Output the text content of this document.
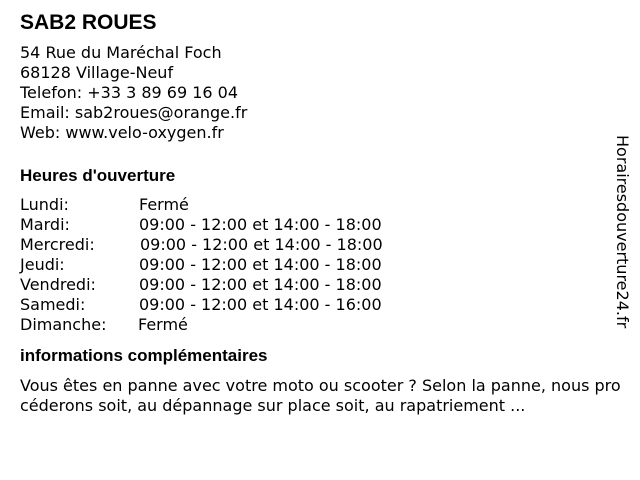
SAB2 ROUES
54 Rue du Maréchal Foch
68128 Village-Neuf
Telefon: +33 3 89 69 16 04
Email: sab2roues@orange.fr
Web: www.velo-oxygen.fr
Heures d'ouverture
Lundi:	Fermé
Mardi:	09:00 - 12:00 et 14:00 - 18:00
Mercredi:	09:00 - 12:00 et 14:00 - 18:00
Jeudi:	09:00 - 12:00 et 14:00 - 18:00
Vendredi:	09:00 - 12:00 et 14:00 - 18:00
Samedi:	09:00 - 12:00 et 14:00 - 16:00
Dimanche: Fermé
informations complémentaires
Vous êtes en panne avec votre moto ou scooter ? Selon la panne, nous procéderons soit, au dépannage sur place soit, au rapatriement ...
Horairesdouverture24.fr
